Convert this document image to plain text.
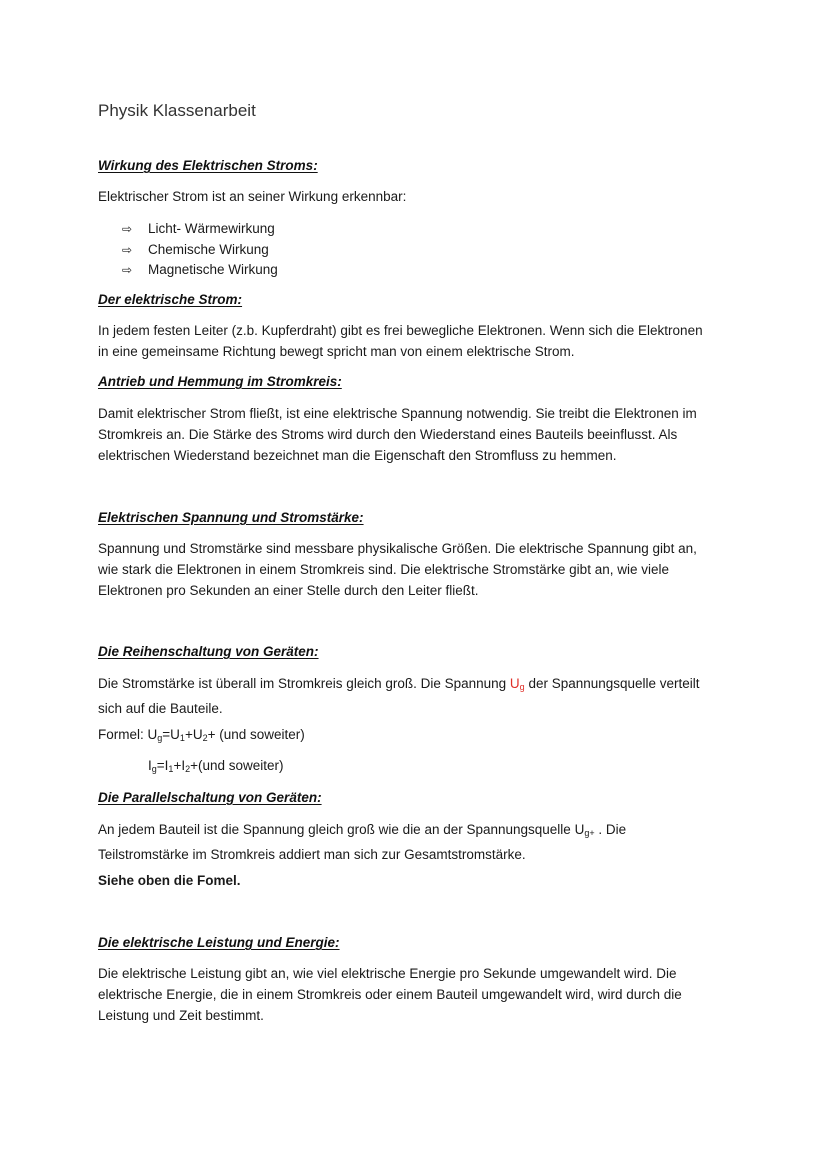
Physik Klassenarbeit
Wirkung des Elektrischen Stroms:
Elektrischer Strom ist an seiner Wirkung erkennbar:
⇨	Licht- Wärmewirkung
⇨	Chemische Wirkung
⇨	Magnetische Wirkung
Der elektrische Strom:
In jedem festen Leiter (z.b. Kupferdraht) gibt es frei bewegliche Elektronen. Wenn sich die Elektronen
in eine gemeinsame Richtung bewegt spricht man von einem elektrische Strom.
Antrieb und Hemmung im Stromkreis:
Damit elektrischer Strom fließt, ist eine elektrische Spannung notwendig. Sie treibt die Elektronen im
Stromkreis an. Die Stärke des Stroms wird durch den Wiederstand eines Bauteils beeinflusst. Als
elektrischen Wiederstand bezeichnet man die Eigenschaft den Stromfluss zu hemmen.
Elektrischen Spannung und Stromstärke:
Spannung und Stromstärke sind messbare physikalische Größen. Die elektrische Spannung gibt an,
wie stark die Elektronen in einem Stromkreis sind. Die elektrische Stromstärke gibt an, wie viele
Elektronen pro Sekunden an einer Stelle durch den Leiter fließt.
Die Reihenschaltung von Geräten:
Die Stromstärke ist überall im Stromkreis gleich groß. Die Spannung $U_g$ der Spannungsquelle verteilt
sich auf die Bauteile.
Formel: $U_g=U_1+U_2+ (und$ soweiter)
$I_g=I_1+I_2+(und$ soweiter)
Die Parallelschaltung von Geräten:
An jedem Bauteil ist die Spannung gleich groß wie die an der Spannungsquelle $U_{g+}$ . Die
Teilstromstärke im Stromkreis addiert man sich zur Gesamtstromstärke.
Siehe oben die Fomel.
Die elektrische Leistung und Energie:
Die elektrische Leistung gibt an, wie viel elektrische Energie pro Sekunde umgewandelt wird. Die
elektrische Energie, die in einem Stromkreis oder einem Bauteil umgewandelt wird, wird durch die
Leistung und Zeit bestimmt.
